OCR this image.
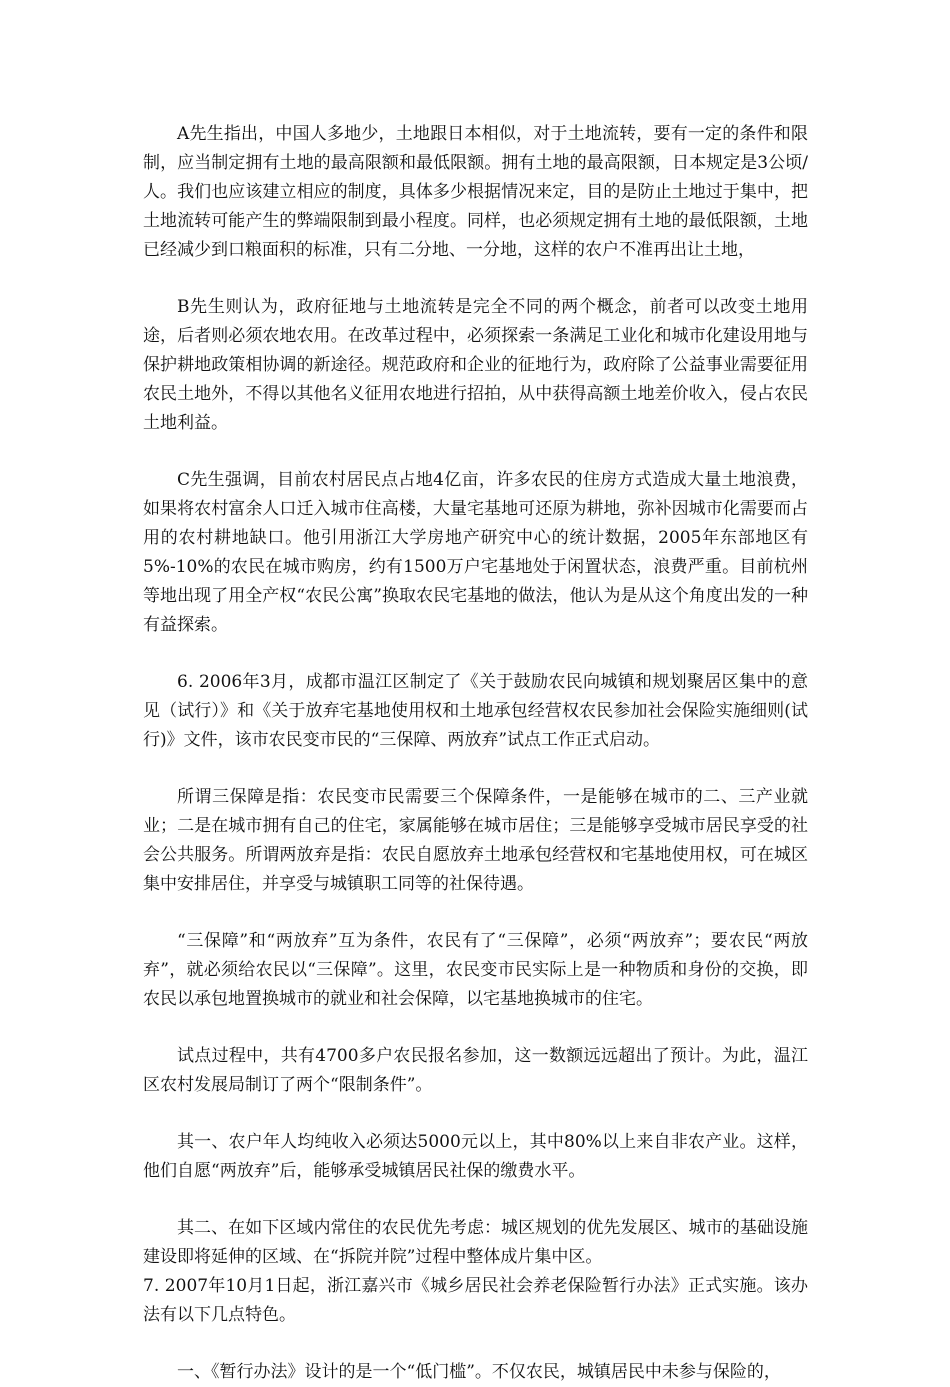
A先生指出，中国人多地少，土地跟日本相似，对于土地流转，要有一定的条件和限制，应当制定拥有土地的最高限额和最低限额。拥有土地的最高限额，日本规定是3公顷/人。我们也应该建立相应的制度，具体多少根据情况来定，目的是防止土地过于集中，把土地流转可能产生的弊端限制到最小程度。同样，也必须规定拥有土地的最低限额，土地已经减少到口粮面积的标准，只有二分地、一分地，这样的农户不准再出让土地，

B先生则认为，政府征地与土地流转是完全不同的两个概念，前者可以改变土地用途，后者则必须农地农用。在改革过程中，必须探索一条满足工业化和城市化建设用地与保护耕地政策相协调的新途径。规范政府和企业的征地行为，政府除了公益事业需要征用农民土地外，不得以其他名义征用农地进行招拍，从中获得高额土地差价收入，侵占农民土地利益。

C先生强调，目前农村居民点占地4亿亩，许多农民的住房方式造成大量土地浪费，如果将农村富余人口迁入城市住高楼，大量宅基地可还原为耕地，弥补因城市化需要而占用的农村耕地缺口。他引用浙江大学房地产研究中心的统计数据，2005年东部地区有5%-10%的农民在城市购房，约有1500万户宅基地处于闲置状态，浪费严重。目前杭州等地出现了用全产权“农民公寓”换取农民宅基地的做法，他认为是从这个角度出发的一种有益探索。

6. 2006年3月，成都市温江区制定了《关于鼓励农民向城镇和规划聚居区集中的意见（试行）》和《关于放弃宅基地使用权和土地承包经营权农民参加社会保险实施细则(试行)》文件，该市农民变市民的“三保障、两放弃”试点工作正式启动。

所谓三保障是指：农民变市民需要三个保障条件，一是能够在城市的二、三产业就业；二是在城市拥有自己的住宅，家属能够在城市居住；三是能够享受城市居民享受的社会公共服务。所谓两放弃是指：农民自愿放弃土地承包经营权和宅基地使用权，可在城区集中安排居住，并享受与城镇职工同等的社保待遇。

“三保障”和“两放弃”互为条件，农民有了“三保障”，必须“两放弃”；要农民“两放弃”，就必须给农民以“三保障”。这里，农民变市民实际上是一种物质和身份的交换，即农民以承包地置换城市的就业和社会保障，以宅基地换城市的住宅。

试点过程中，共有4700多户农民报名参加，这一数额远远超出了预计。为此，温江区农村发展局制订了两个“限制条件”。

其一、农户年人均纯收入必须达5000元以上，其中80%以上来自非农产业。这样，他们自愿“两放弃”后，能够承受城镇居民社保的缴费水平。

其二、在如下区域内常住的农民优先考虑：城区规划的优先发展区、城市的基础设施建设即将延伸的区域、在“拆院并院”过程中整体成片集中区。

7. 2007年10月1日起，浙江嘉兴市《城乡居民社会养老保险暂行办法》正式实施。该办法有以下几点特色。

一、《暂行办法》设计的是一个“低门槛”。不仅农民，城镇居民中未参与保险的，
